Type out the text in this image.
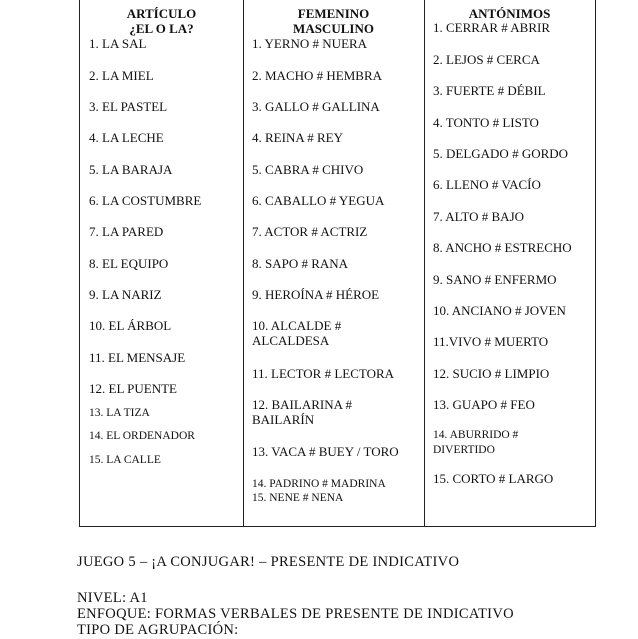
ARTÍCULO
¿EL O LA?
1. LA SAL
2. LA MIEL
3. EL PASTEL
4. LA LECHE
5. LA BARAJA
6. LA COSTUMBRE
7. LA PARED
8. EL EQUIPO
9. LA NARIZ
10. EL ÁRBOL
11. EL MENSAJE
12. EL PUENTE
13. LA TIZA
14. EL ORDENADOR
15. LA CALLE
FEMENINO
MASCULINO
1. YERNO # NUERA
2. MACHO # HEMBRA
3. GALLO # GALLINA
4. REINA # REY
5. CABRA # CHIVO
6. CABALLO # YEGUA
7. ACTOR # ACTRIZ
8. SAPO # RANA
9. HEROÍNA # HÉROE
10. ALCALDE # ALCALDESA
11. LECTOR # LECTORA
12. BAILARINA # BAILARÍN
13. VACA # BUEY / TORO
14. PADRINO # MADRINA
15. NENE # NENA
ANTÓNIMOS
1. CERRAR # ABRIR
2. LEJOS # CERCA
3. FUERTE # DÉBIL
4. TONTO # LISTO
5. DELGADO # GORDO
6. LLENO # VACÍO
7. ALTO # BAJO
8. ANCHO # ESTRECHO
9. SANO # ENFERMO
10. ANCIANO # JOVEN
11.VIVO # MUERTO
12. SUCIO # LIMPIO
13. GUAPO # FEO
14. ABURRIDO # DIVERTIDO
15. CORTO # LARGO
JUEGO 5 – ¡A CONJUGAR! – PRESENTE DE INDICATIVO
NIVEL: A1
ENFOQUE: FORMAS VERBALES DE PRESENTE DE INDICATIVO
TIPO DE AGRUPACIÓN:
